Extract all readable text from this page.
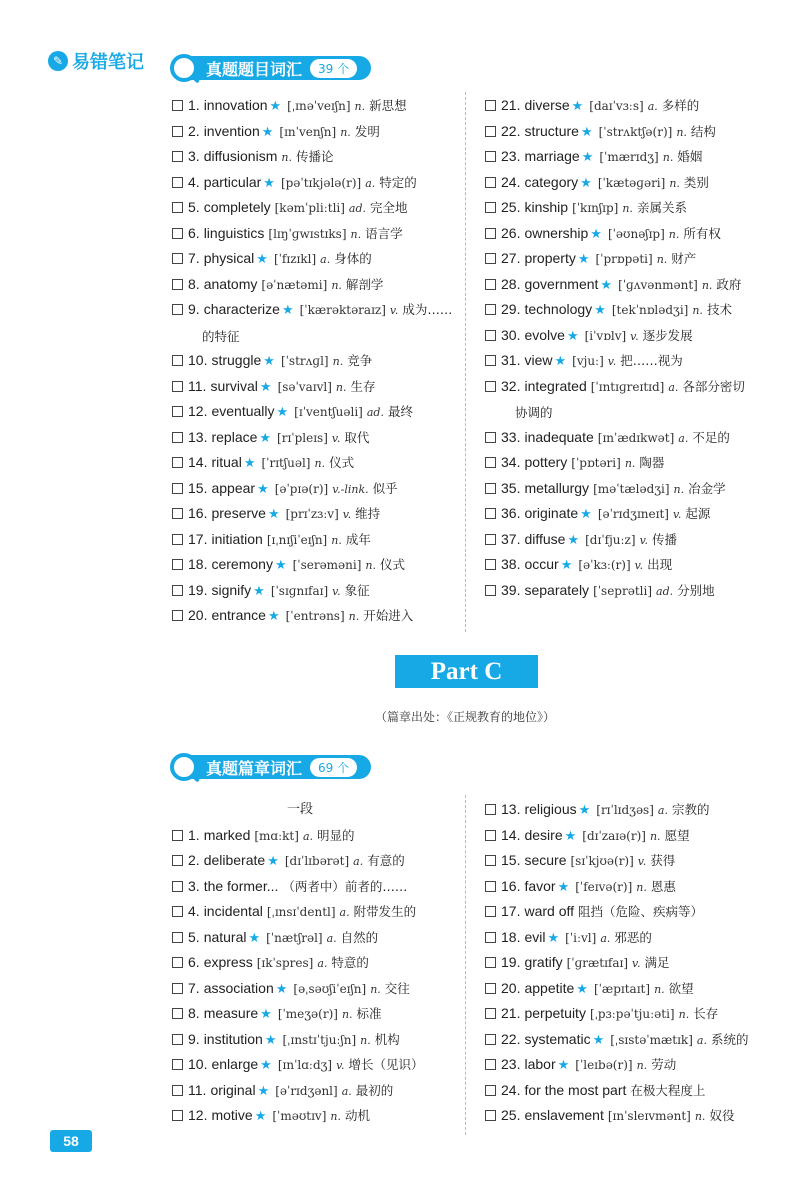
✎ 易错笔记	真题题目词汇	39 个
1. innovation ★ [ˌɪnəˈveɪʃn] n. 新思想
2. invention ★ [ɪnˈvenʃn] n. 发明
3. diffusionism n. 传播论
4. particular ★ [pəˈtɪkjələ(r)] a. 特定的
5. completely [kəmˈpliːtli] ad. 完全地
6. linguistics [lɪŋˈɡwɪstɪks] n. 语言学
7. physical ★ [ˈfɪzɪkl] a. 身体的
8. anatomy [əˈnætəmi] n. 解剖学
9. characterize ★ [ˈkærəktəraɪz] v. 成为……
的特征
10. struggle ★ [ˈstrʌɡl] n. 竞争
11. survival ★ [səˈvaɪvl] n. 生存
12. eventually ★ [ɪˈventʃuəli] ad. 最终
13. replace ★ [rɪˈpleɪs] v. 取代
14. ritual ★ [ˈrɪtʃuəl] n. 仪式
15. appear ★ [əˈpɪə(r)] v.-link. 似乎
16. preserve ★ [prɪˈzɜːv] v. 维持
17. initiation [ɪˌnɪʃiˈeɪʃn] n. 成年
18. ceremony ★ [ˈserəməni] n. 仪式
19. signify ★ [ˈsɪɡnɪfaɪ] v. 象征
20. entrance ★ [ˈentrəns] n. 开始进入
21. diverse ★ [daɪˈvɜːs] a. 多样的
22. structure ★ [ˈstrʌktʃə(r)] n. 结构
23. marriage ★ [ˈmærɪdʒ] n. 婚姻
24. category ★ [ˈkætəɡəri] n. 类别
25. kinship [ˈkɪnʃɪp] n. 亲属关系
26. ownership ★ [ˈəʊnəʃɪp] n. 所有权
27. property ★ [ˈprɒpəti] n. 财产
28. government ★ [ˈɡʌvənmənt] n. 政府
29. technology ★ [tekˈnɒlədʒi] n. 技术
30. evolve ★ [iˈvɒlv] v. 逐步发展
31. view ★ [vjuː] v. 把……视为
32. integrated [ˈɪntɪɡreɪtɪd] a. 各部分密切
协调的
33. inadequate [ɪnˈædɪkwət] a. 不足的
34. pottery [ˈpɒtəri] n. 陶器
35. metallurgy [məˈtælədʒi] n. 冶金学
36. originate ★ [əˈrɪdʒɪneɪt] v. 起源
37. diffuse ★ [dɪˈfjuːz] v. 传播
38. occur ★ [əˈkɜː(r)] v. 出现
39. separately [ˈseprətli] ad. 分别地
Part C
（篇章出处：《正规教育的地位》）
真题篇章词汇	69 个
一段
1. marked [mɑːkt] a. 明显的
2. deliberate ★ [dɪˈlɪbərət] a. 有意的
3. the former... （两者中）前者的……
4. incidental [ˌɪnsɪˈdentl] a. 附带发生的
5. natural ★ [ˈnætʃrəl] a. 自然的
6. express [ɪkˈspres] a. 特意的
7. association ★ [əˌsəʊʃiˈeɪʃn] n. 交往
8. measure ★ [ˈmeʒə(r)] n. 标准
9. institution ★ [ˌɪnstɪˈtjuːʃn] n. 机构
10. enlarge ★ [ɪnˈlɑːdʒ] v. 增长（见识）
11. original ★ [əˈrɪdʒənl] a. 最初的
12. motive ★ [ˈməʊtɪv] n. 动机
13. religious ★ [rɪˈlɪdʒəs] a. 宗教的
14. desire ★ [dɪˈzaɪə(r)] n. 愿望
15. secure [sɪˈkjʊə(r)] v. 获得
16. favor ★ [ˈfeɪvə(r)] n. 恩惠
17. ward off 阻挡（危险、疾病等）
18. evil ★ [ˈiːvl] a. 邪恶的
19. gratify [ˈɡrætɪfaɪ] v. 满足
20. appetite ★ [ˈæpɪtaɪt] n. 欲望
21. perpetuity [ˌpɜːpəˈtjuːəti] n. 长存
22. systematic ★ [ˌsɪstəˈmætɪk] a. 系统的
23. labor ★ [ˈleɪbə(r)] n. 劳动
24. for the most part 在极大程度上
25. enslavement [ɪnˈsleɪvmənt] n. 奴役
58
